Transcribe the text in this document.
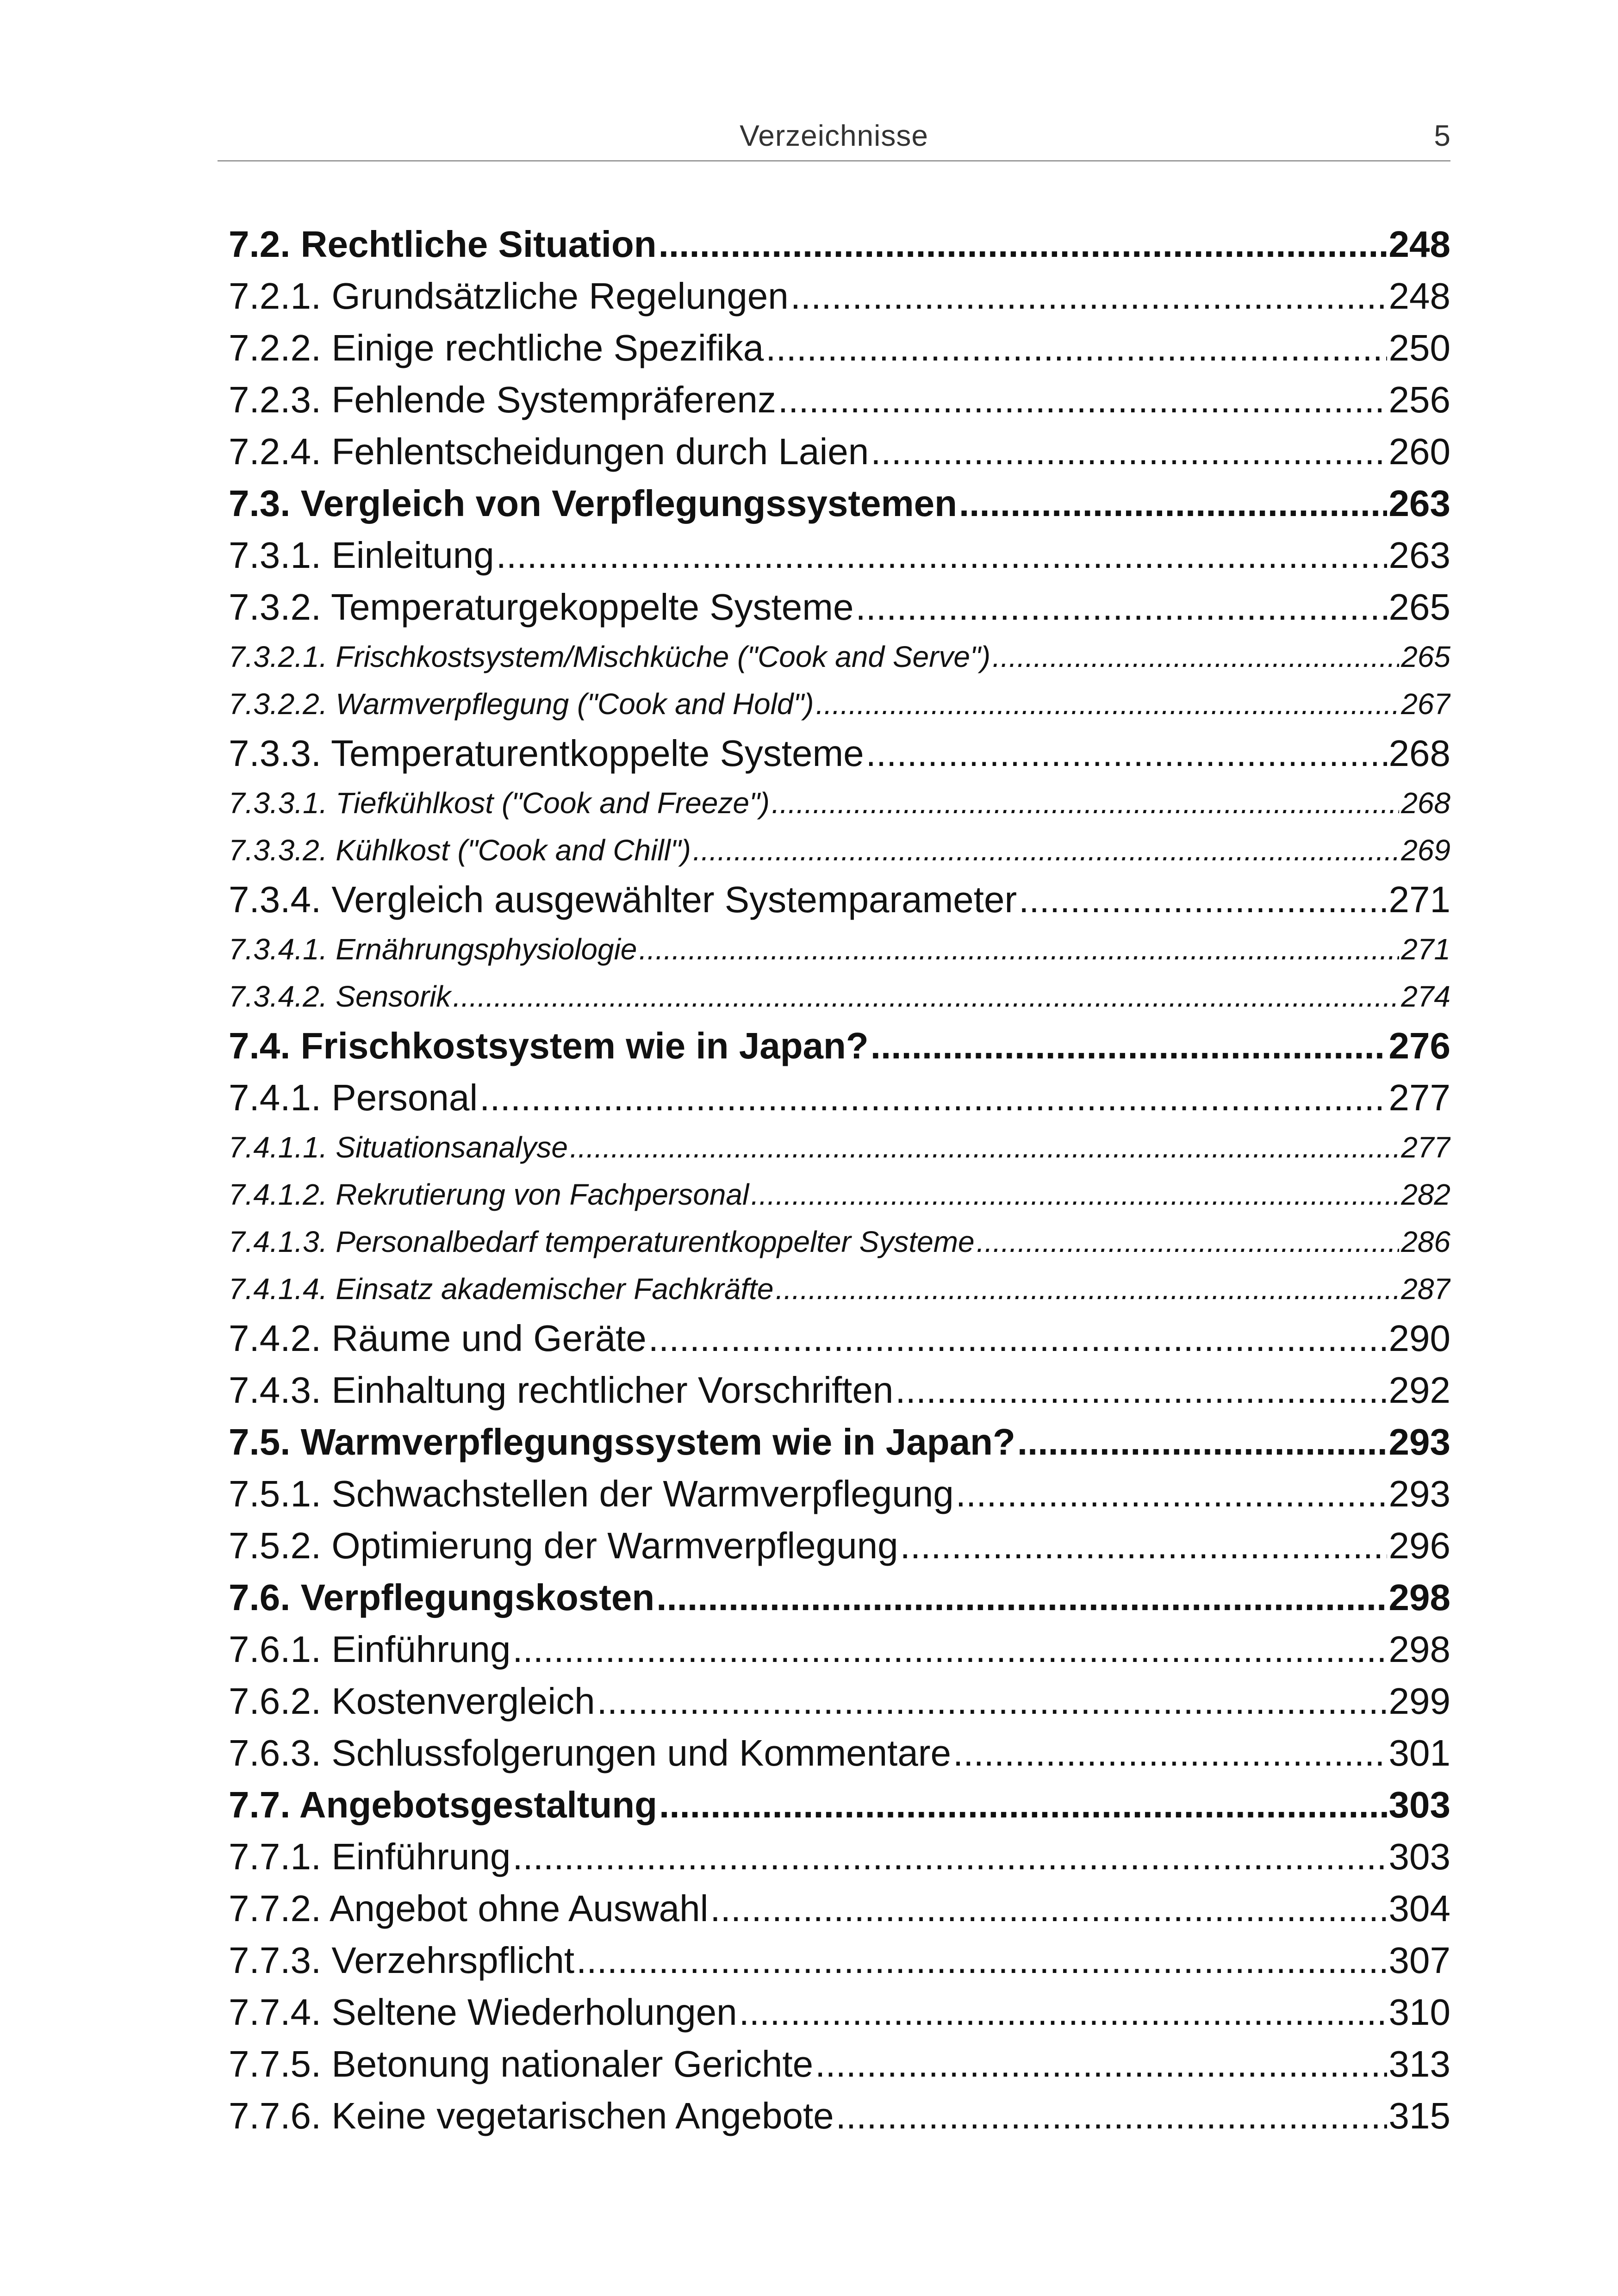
Verzeichnisse	5
7.2. Rechtliche Situation .....	248
7.2.1. Grundsätzliche Regelungen .....	248
7.2.2. Einige rechtliche Spezifika .....	250
7.2.3. Fehlende Systempräferenz .....	256
7.2.4. Fehlentscheidungen durch Laien .....	260
7.3. Vergleich von Verpflegungssystemen .....	263
7.3.1. Einleitung .....	263
7.3.2. Temperaturgekoppelte Systeme .....	265
7.3.2.1. Frischkostsystem/Mischküche ("Cook and Serve") .....	265
7.3.2.2. Warmverpflegung ("Cook and Hold") .....	267
7.3.3. Temperaturentkoppelte Systeme .....	268
7.3.3.1. Tiefkühlkost ("Cook and Freeze") .....	268
7.3.3.2. Kühlkost ("Cook and Chill") .....	269
7.3.4. Vergleich ausgewählter Systemparameter .....	271
7.3.4.1. Ernährungsphysiologie .....	271
7.3.4.2. Sensorik .....	274
7.4. Frischkostsystem wie in Japan? .....	276
7.4.1. Personal .....	277
7.4.1.1. Situationsanalyse .....	277
7.4.1.2. Rekrutierung von Fachpersonal .....	282
7.4.1.3. Personalbedarf temperaturentkoppelter Systeme .....	286
7.4.1.4. Einsatz akademischer Fachkräfte .....	287
7.4.2. Räume und Geräte .....	290
7.4.3. Einhaltung rechtlicher Vorschriften .....	292
7.5. Warmverpflegungssystem wie in Japan? .....	293
7.5.1. Schwachstellen der Warmverpflegung .....	293
7.5.2. Optimierung der Warmverpflegung .....	296
7.6. Verpflegungskosten .....	298
7.6.1. Einführung .....	298
7.6.2. Kostenvergleich .....	299
7.6.3. Schlussfolgerungen und Kommentare .....	301
7.7. Angebotsgestaltung .....	303
7.7.1. Einführung .....	303
7.7.2. Angebot ohne Auswahl .....	304
7.7.3. Verzehrspflicht .....	307
7.7.4. Seltene Wiederholungen .....	310
7.7.5. Betonung nationaler Gerichte .....	313
7.7.6. Keine vegetarischen Angebote .....	315
